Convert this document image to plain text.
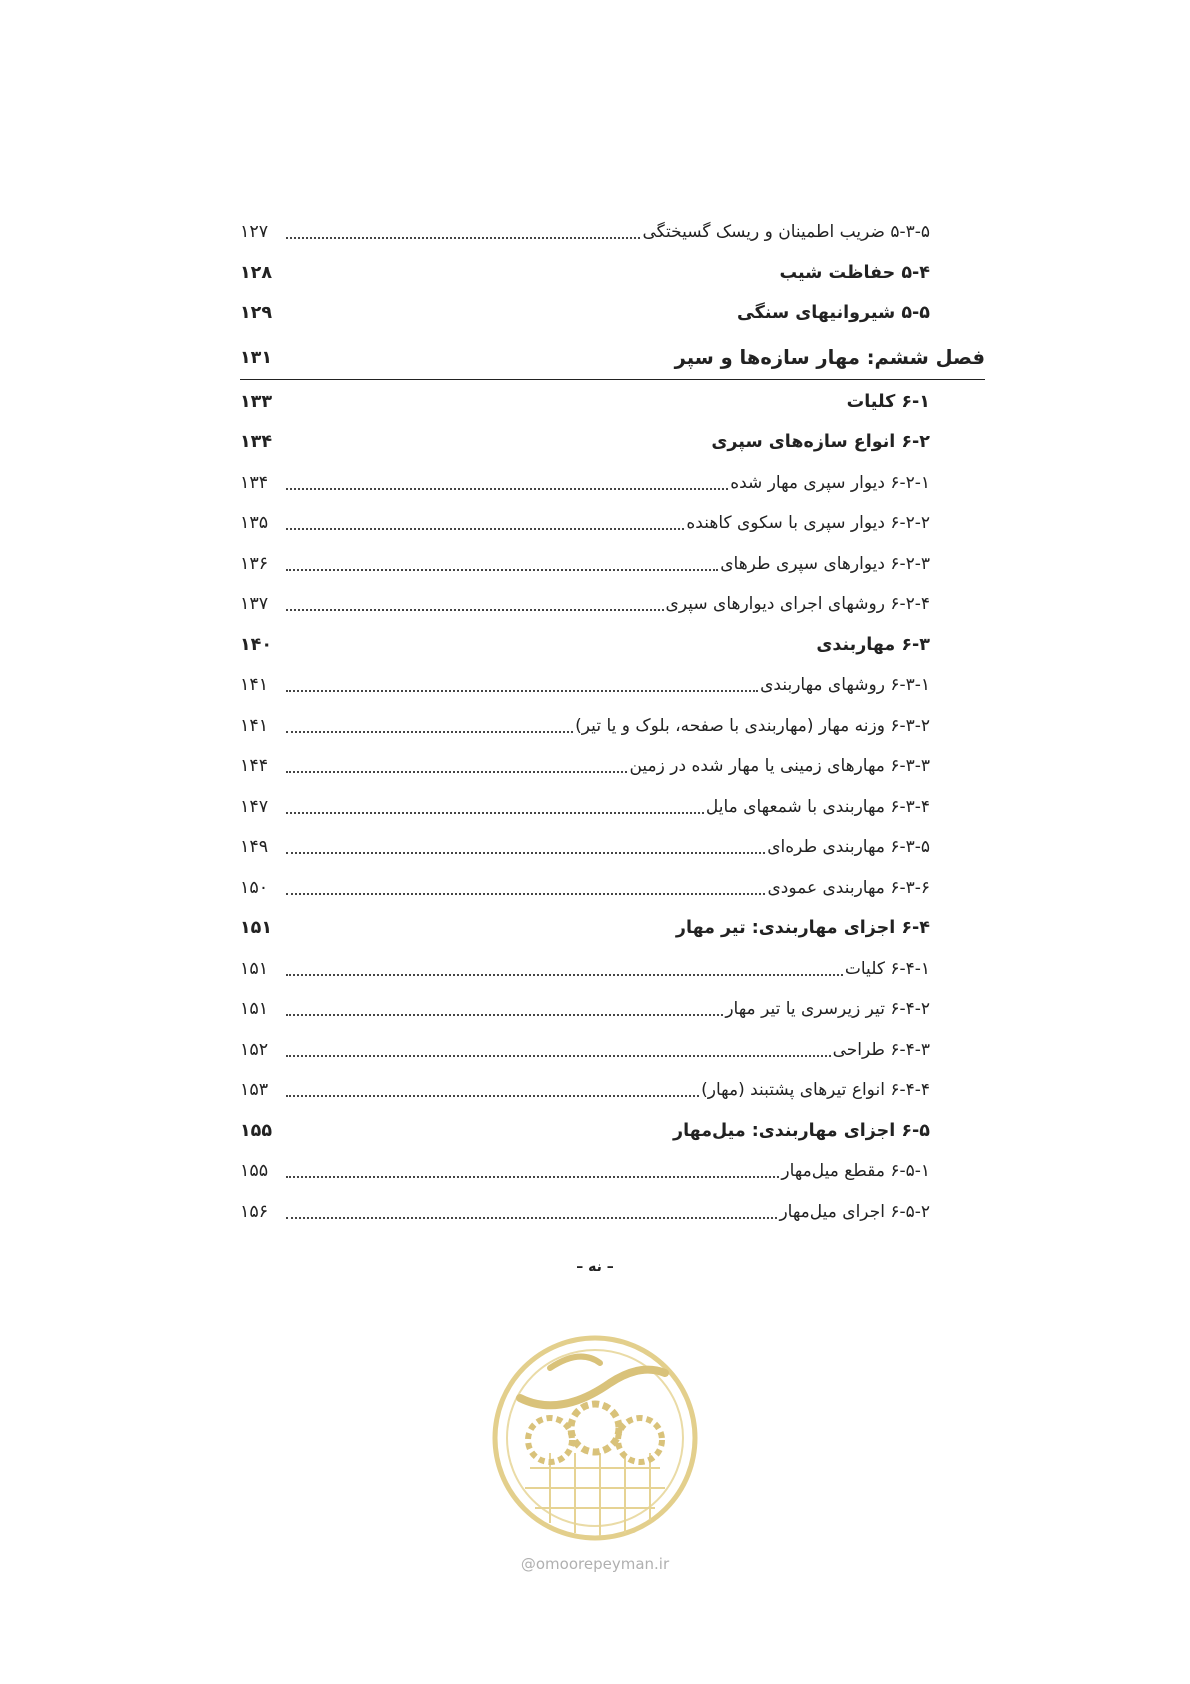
۵-۳-۵ ضریب اطمینان و ریسک گسیختگی
۱۲۷
۵-۴ حفاظت شیب
۱۲۸
۵-۵ شیروانیهای سنگی
۱۲۹
فصل ششم: مهار سازه‌ها و سپر
۱۳۱
۶-۱ کلیات
۱۳۳
۶-۲ انواع سازه‌های سپری
۱۳۴
۶-۲-۱ دیوار سپری مهار شده
۱۳۴
۶-۲-۲ دیوار سپری با سکوی کاهنده
۱۳۵
۶-۲-۳ دیوارهای سپری طرهای
۱۳۶
۶-۲-۴ روشهای اجرای دیوارهای سپری
۱۳۷
۶-۳ مهاربندی
۱۴۰
۶-۳-۱ روشهای مهاربندی
۱۴۱
۶-۳-۲ وزنه مهار (مهاربندی با صفحه، بلوک و یا تیر)
۱۴۱
۶-۳-۳ مهارهای زمینی یا مهار شده در زمین
۱۴۴
۶-۳-۴ مهاربندی با شمعهای مایل
۱۴۷
۶-۳-۵ مهاربندی طره‌ای
۱۴۹
۶-۳-۶ مهاربندی عمودی
۱۵۰
۶-۴ اجزای مهاربندی: تیر مهار
۱۵۱
۶-۴-۱ کلیات
۱۵۱
۶-۴-۲ تیر زیرسری یا تیر مهار
۱۵۱
۶-۴-۳ طراحی
۱۵۲
۶-۴-۴ انواع تیرهای پشتبند (مهار)
۱۵۳
۶-۵ اجزای مهاربندی: میل‌مهار
۱۵۵
۶-۵-۱ مقطع میل‌مهار
۱۵۵
۶-۵-۲ اجرای میل‌مهار
۱۵۶
– نه –
@omoorepeyman.ir
